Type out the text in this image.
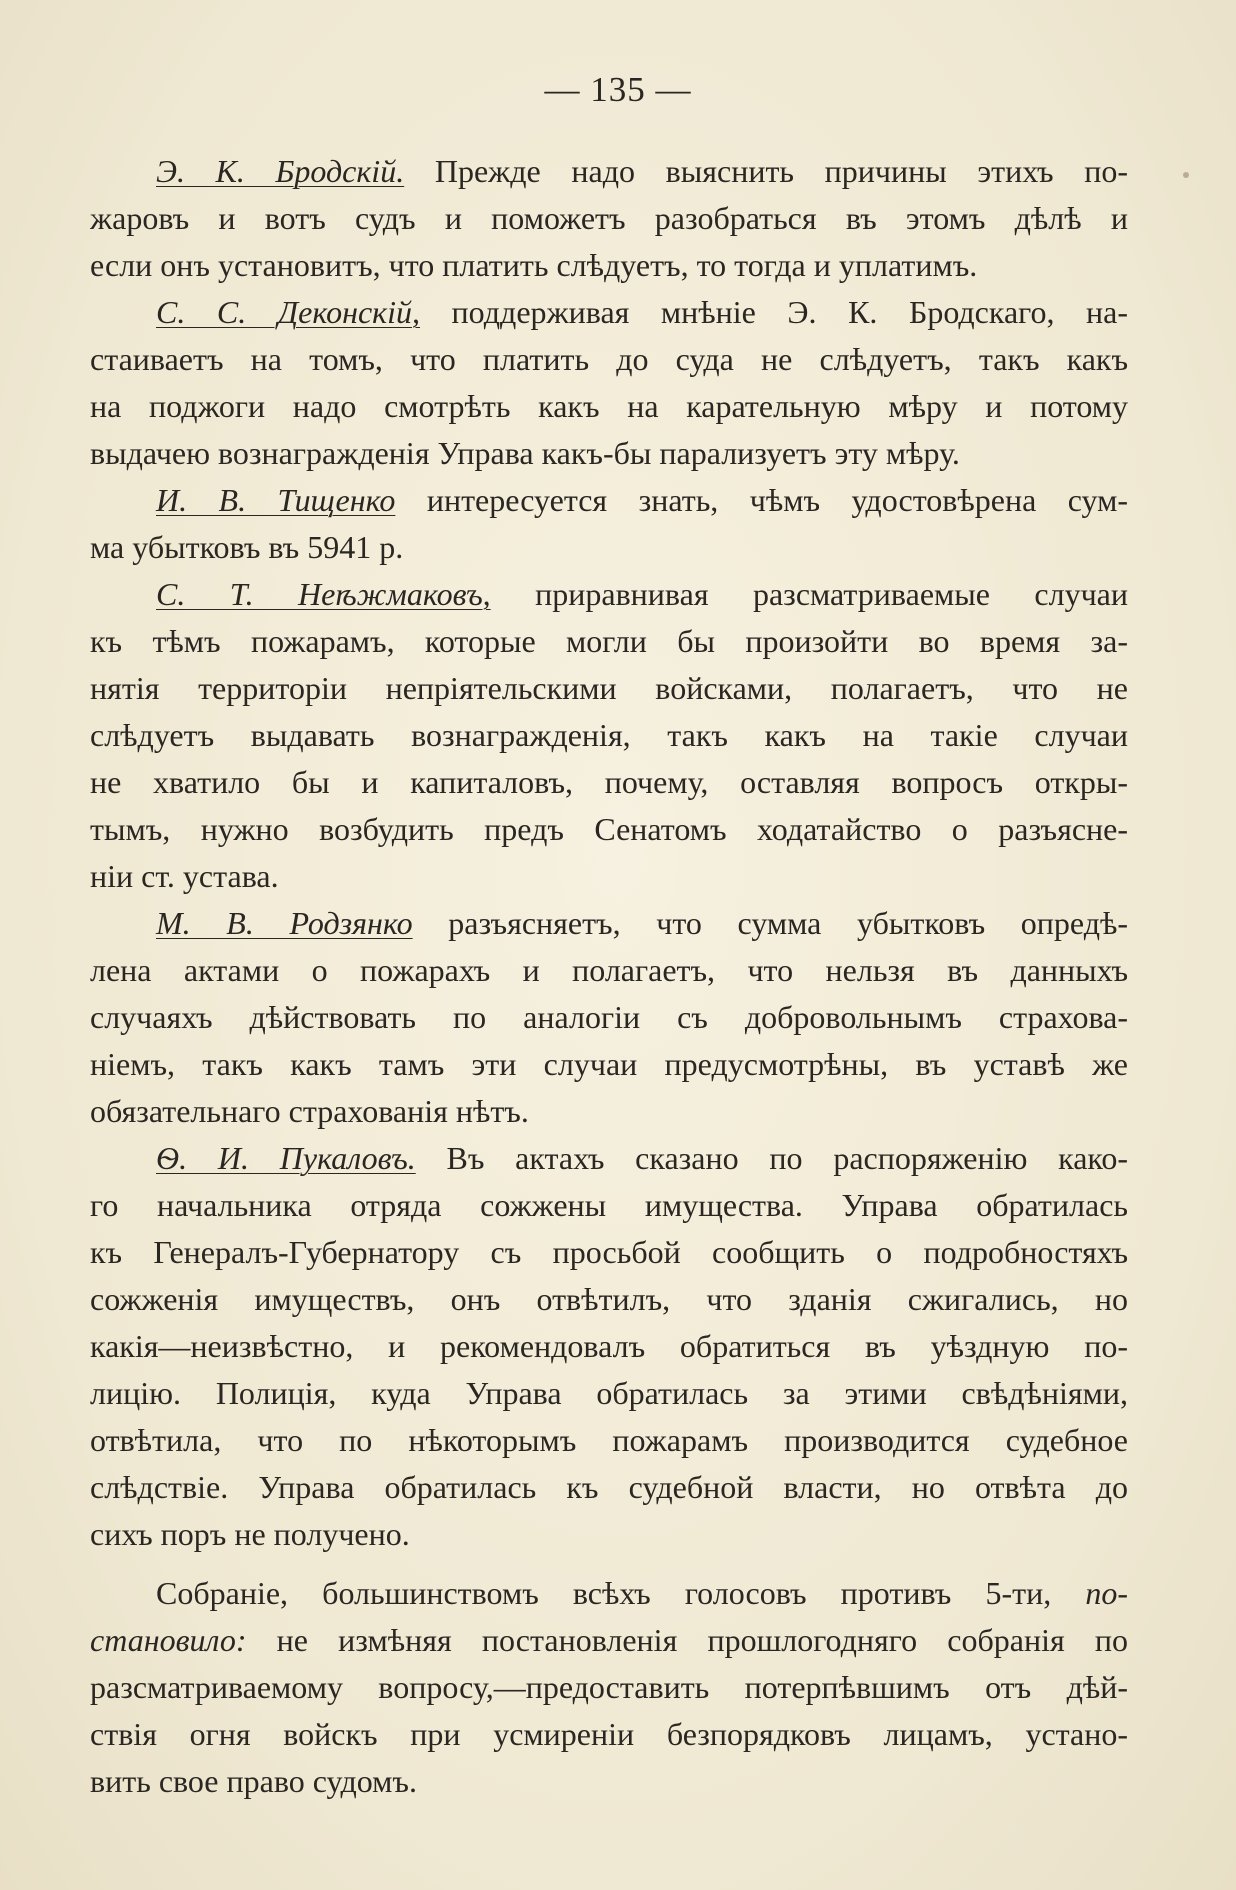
— 135 —
Э. К. Бродскій. Прежде надо выяснить причины этихъ по-
жаровъ и вотъ судъ и поможетъ разобраться въ этомъ дѣлѣ и
если онъ установитъ, что платить слѣдуетъ, то тогда и уплатимъ.
С. С. Деконскій, поддерживая мнѣніе Э. К. Бродскаго, на-
стаиваетъ на томъ, что платить до суда не слѣдуетъ, такъ какъ
на поджоги надо смотрѣть какъ на карательную мѣру и потому
выдачею вознагражденія Управа какъ-бы парализуетъ эту мѣру.
И. В. Тищенко интересуется знать, чѣмъ удостовѣрена сум-
ма убытковъ въ 5941 р.
С. Т. Неѣжмаковъ, приравнивая разсматриваемые случаи
къ тѣмъ пожарамъ, которые могли бы произойти во время за-
нятія территоріи непріятельскими войсками, полагаетъ, что не
слѣдуетъ выдавать вознагражденія, такъ какъ на такіе случаи
не хватило бы и капиталовъ, почему, оставляя вопросъ откры-
тымъ, нужно возбудить предъ Сенатомъ ходатайство о разъясне-
ніи ст. устава.
М. В. Родзянко разъясняетъ, что сумма убытковъ опредѣ-
лена актами о пожарахъ и полагаетъ, что нельзя въ данныхъ
случаяхъ дѣйствовать по аналогіи съ добровольнымъ страхова-
ніемъ, такъ какъ тамъ эти случаи предусмотрѣны, въ уставѣ же
обязательнаго страхованія нѣтъ.
Ѳ. И. Пукаловъ. Въ актахъ сказано по распоряженію како-
го начальника отряда сожжены имущества. Управа обратилась
къ Генералъ-Губернатору съ просьбой сообщить о подробностяхъ
сожженія имуществъ, онъ отвѣтилъ, что зданія сжигались, но
какія—неизвѣстно, и рекомендовалъ обратиться въ уѣздную по-
лицію. Полиція, куда Управа обратилась за этими свѣдѣніями,
отвѣтила, что по нѣкоторымъ пожарамъ производится судебное
слѣдствіе. Управа обратилась къ судебной власти, но отвѣта до
сихъ поръ не получено.
Собраніе, большинствомъ всѣхъ голосовъ противъ 5-ти, по-
становило: не измѣняя постановленія прошлогодняго собранія по
разсматриваемому вопросу,—предоставить потерпѣвшимъ отъ дѣй-
ствія огня войскъ при усмиреніи безпорядковъ лицамъ, устано-
вить свое право судомъ.
